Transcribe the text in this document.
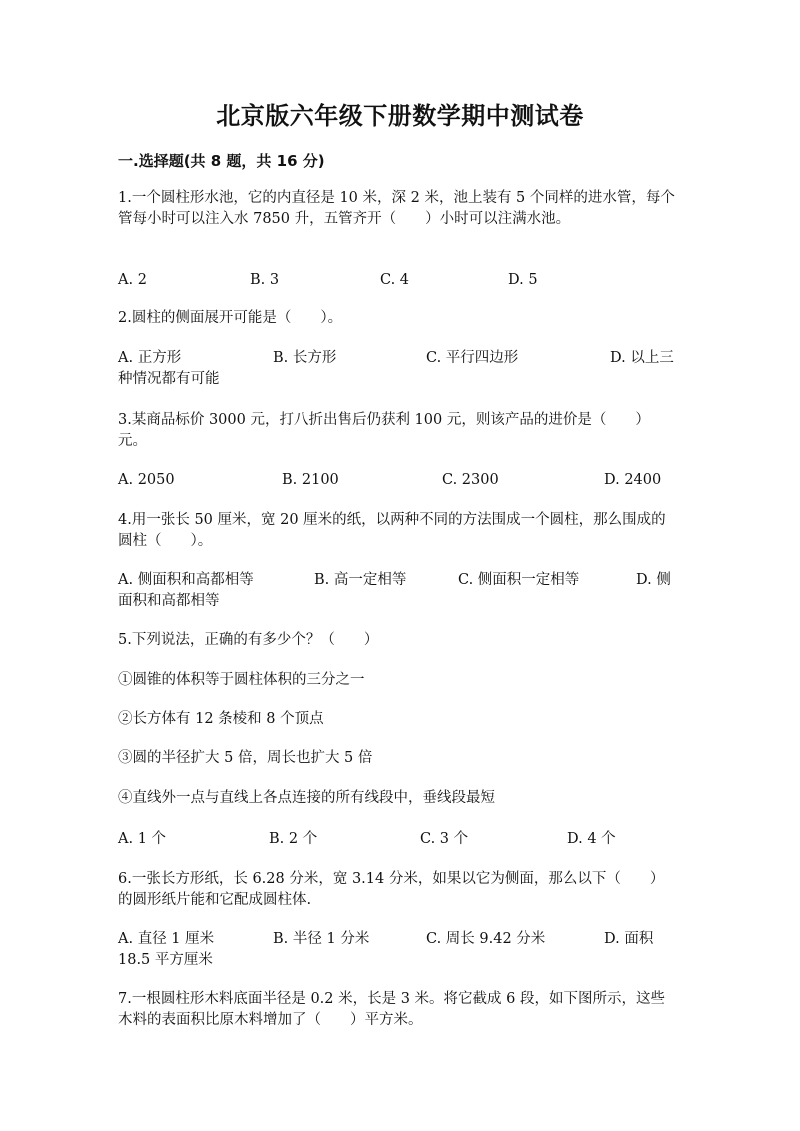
北京版六年级下册数学期中测试卷
一.选择题(共 8 题，共 16 分)
1.一个圆柱形水池，它的内直径是 10 米，深 2 米，池上装有 5 个同样的进水管，每个管每小时可以注入水 7850 升，五管齐开（　　）小时可以注满水池。
A. 2	B. 3	C. 4	D. 5
2.圆柱的侧面展开可能是（　　）。
A. 正方形	B. 长方形	C. 平行四边形	D. 以上三
种情况都有可能
3.某商品标价 3000 元，打八折出售后仍获利 100 元，则该产品的进价是（　　）元。
A. 2050	B. 2100	C. 2300	D. 2400
4.用一张长 50 厘米，宽 20 厘米的纸，以两种不同的方法围成一个圆柱，那么围成的圆柱（　　）。
A. 侧面积和高都相等	B. 高一定相等	C. 侧面积一定相等	D. 侧
面积和高都相等
5.下列说法，正确的有多少个？（　　）
①圆锥的体积等于圆柱体积的三分之一
②长方体有 12 条棱和 8 个顶点
③圆的半径扩大 5 倍，周长也扩大 5 倍
④直线外一点与直线上各点连接的所有线段中，垂线段最短
A. 1 个	B. 2 个	C. 3 个	D. 4 个
6.一张长方形纸，长 6.28 分米，宽 3.14 分米，如果以它为侧面，那么以下（　　）的圆形纸片能和它配成圆柱体.
A. 直径 1 厘米	B. 半径 1 分米	C. 周长 9.42 分米	D. 面积
18.5 平方厘米
7.一根圆柱形木料底面半径是 0.2 米，长是 3 米。将它截成 6 段，如下图所示，这些木料的表面积比原木料增加了（　　）平方米。
